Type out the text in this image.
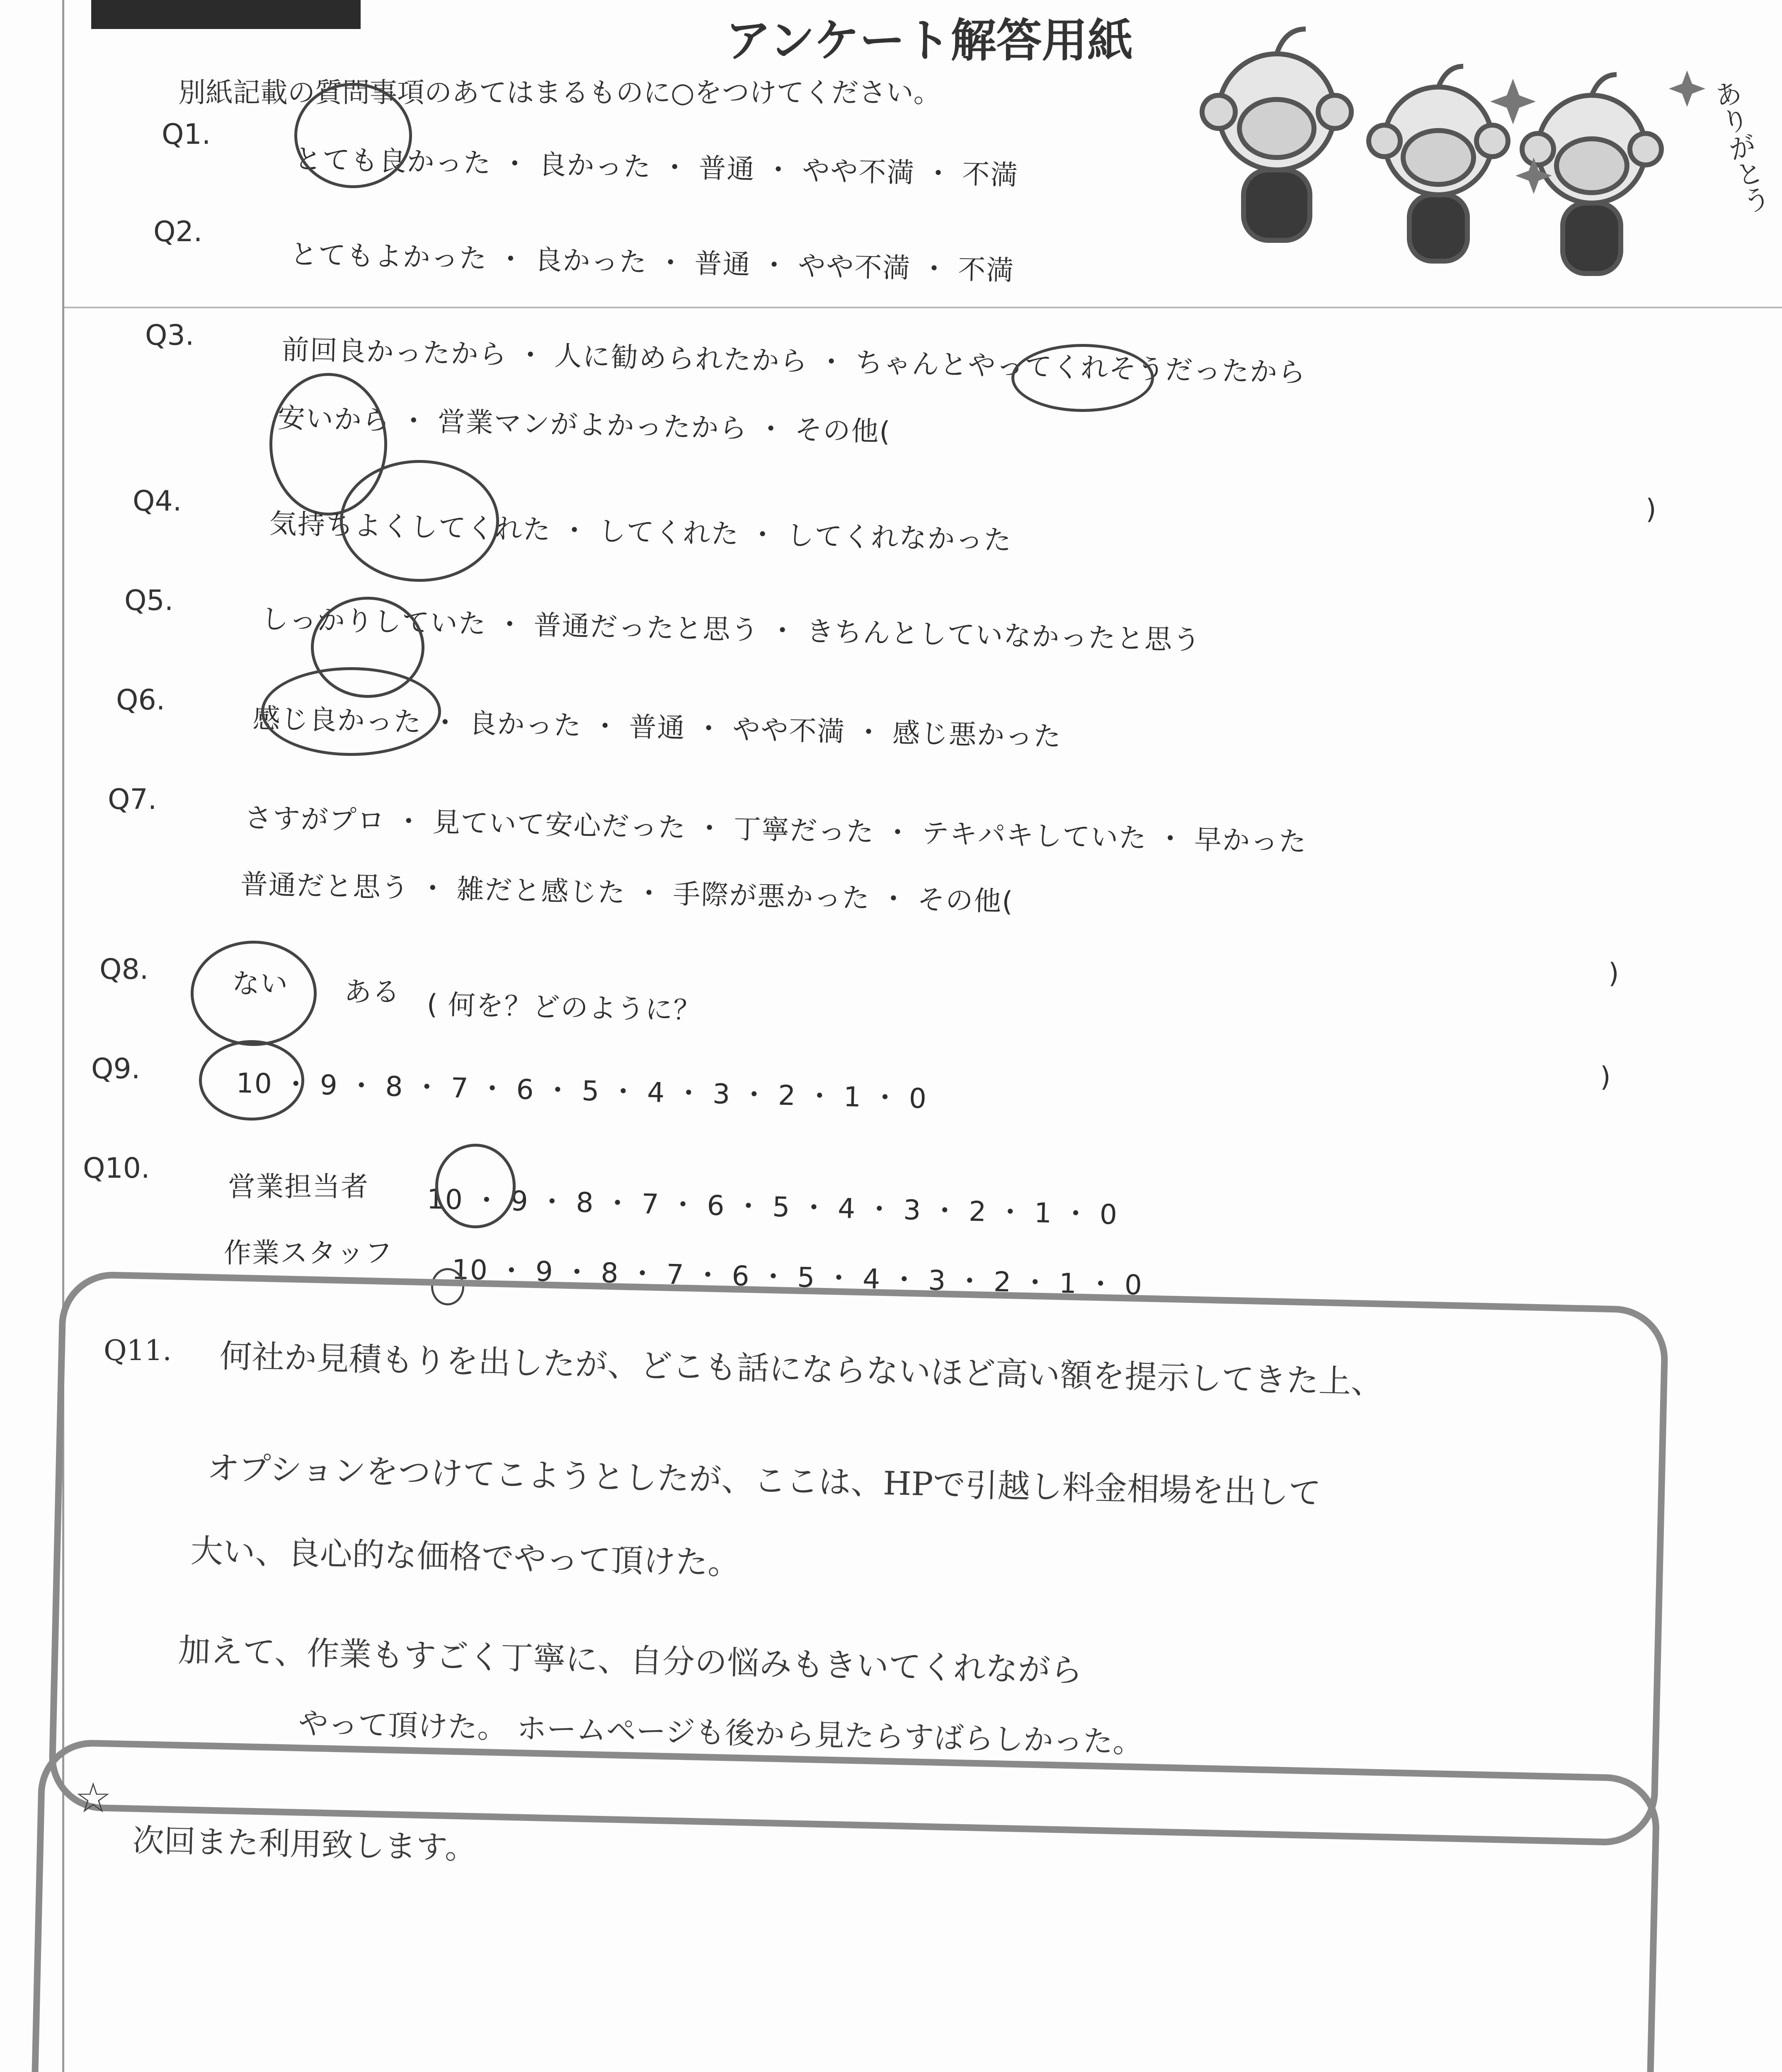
アンケート解答用紙
別紙記載の質問事項のあてはまるものに○をつけてください。	ありがとう
Q1.
とても良かった ・ 良かった ・ 普通 ・ やや不満 ・ 不満
Q2.
とてもよかった ・ 良かった ・ 普通 ・ やや不満 ・ 不満
Q3.	前回良かったから ・ 人に勧められたから ・ ちゃんとやってくれそうだったから
安いから ・ 営業マンがよかったから ・ その他(
Q4.
気持ちよくしてくれた ・ してくれた ・ してくれなかった	)
Q5.
しっかりしていた ・ 普通だったと思う ・ きちんとしていなかったと思う
Q6.
感じ良かった ・ 良かった ・ 普通 ・ やや不満 ・ 感じ悪かった
Q7.
さすがプロ ・ 見ていて安心だった ・ 丁寧だった ・ テキパキしていた ・ 早かった
普通だと思う ・ 雑だと感じた ・ 手際が悪かった ・ その他(
Q8.	ない ある ( 何を？どのように？
)
Q9.	10 ・ 9 ・ 8 ・ 7 ・ 6 ・ 5 ・ 4 ・ 3 ・ 2 ・ 1 ・ 0	)
Q10.
営業担当者 10 ・ 9 ・ 8 ・ 7 ・ 6 ・ 5 ・ 4 ・ 3 ・ 2 ・ 1 ・ 0
作業スタッフ
10 ・ 9 ・ 8 ・ 7 ・ 6 ・ 5 ・ 4 ・ 3 ・ 2 ・ 1 ・ 0
Q11. 何社か見積もりを出したが、どこも話にならないほど高い額を提示してきた上、
オプションをつけてこようとしたが、ここは、HPで引越し料金相場を出して
大い、良心的な価格でやって頂けた。
加えて、作業もすごく丁寧に、自分の悩みもきいてくれながら
やって頂けた。 ホームページも後から見たらすばらしかった。
☆
次回また利用致します。
